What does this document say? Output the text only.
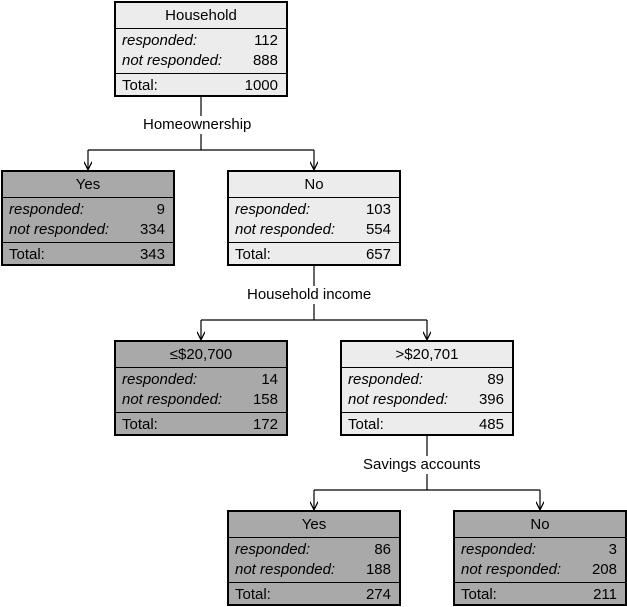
Homeownership
Household income
Savings accounts
Household
responded:	112
not responded: 888
Total:	1000
Yes
responded:	9
not responded: 334
Total:	343
No
responded:	103
not responded: 554
Total:	657
≤$20,700
responded:	14
not responded: 158
Total:	172
>$20,701
responded:	89
not responded: 396
Total:	485
Yes
responded:	86
not responded: 188
Total:	274
No
responded:	3
not responded: 208
Total:	211
